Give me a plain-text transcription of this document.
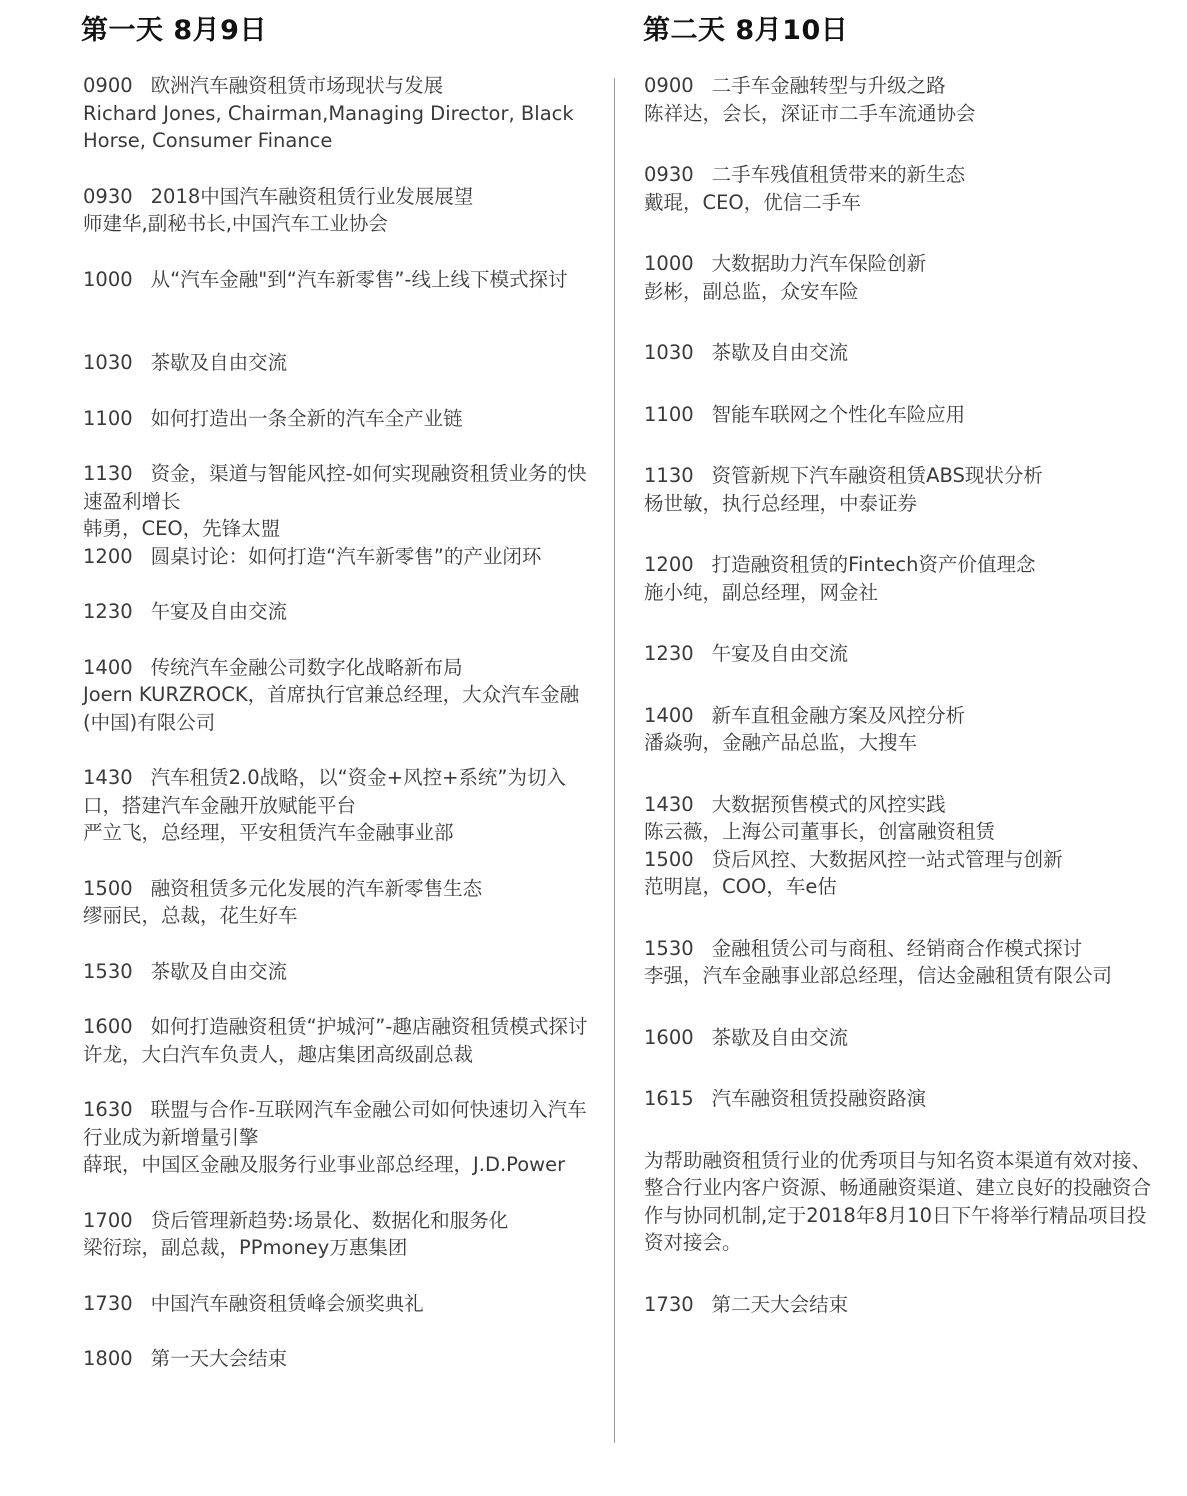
第一天 8月9日	第二天 8月10日
0900 欧洲汽车融资租赁市场现状与发展
Richard Jones, Chairman,Managing Director, Black Horse, Consumer Finance
0930 2018中国汽车融资租赁行业发展展望
师建华,副秘书长,中国汽车工业协会
1000 从“汽车金融"到“汽车新零售”-线上线下模式探讨
1030 茶歇及自由交流
1100 如何打造出一条全新的汽车全产业链
1130 资金，渠道与智能风控-如何实现融资租赁业务的快速盈利增长
韩勇，CEO，先锋太盟
1200 圆桌讨论：如何打造“汽车新零售”的产业闭环
1230 午宴及自由交流
1400 传统汽车金融公司数字化战略新布局
Joern KURZROCK，首席执行官兼总经理，大众汽车金融(中国)有限公司
1430 汽车租赁2.0战略，以“资金+风控+系统”为切入口，搭建汽车金融开放赋能平台
严立飞，总经理，平安租赁汽车金融事业部
1500 融资租赁多元化发展的汽车新零售生态
缪丽民，总裁，花生好车
1530 茶歇及自由交流
1600 如何打造融资租赁“护城河”-趣店融资租赁模式探讨
许龙，大白汽车负责人，趣店集团高级副总裁
1630 联盟与合作-互联网汽车金融公司如何快速切入汽车行业成为新增量引擎
薛珉，中国区金融及服务行业事业部总经理，J.D.Power
1700 贷后管理新趋势:场景化、数据化和服务化
梁衍琮，副总裁，PPmoney万惠集团
1730 中国汽车融资租赁峰会颁奖典礼
1800 第一天大会结束
0900 二手车金融转型与升级之路
陈祥达，会长，深证市二手车流通协会
0930 二手车残值租赁带来的新生态
戴琨，CEO，优信二手车
1000 大数据助力汽车保险创新
彭彬，副总监，众安车险
1030 茶歇及自由交流
1100 智能车联网之个性化车险应用
1130 资管新规下汽车融资租赁ABS现状分析
杨世敏，执行总经理，中泰证券
1200 打造融资租赁的Fintech资产价值理念
施小纯，副总经理，网金社
1230 午宴及自由交流
1400 新车直租金融方案及风控分析
潘焱驹，金融产品总监，大搜车
1430 大数据预售模式的风控实践
陈云薇，上海公司董事长，创富融资租赁
1500 贷后风控、大数据风控一站式管理与创新
范明崑，COO，车e估
1530 金融租赁公司与商租、经销商合作模式探讨
李强，汽车金融事业部总经理，信达金融租赁有限公司
1600 茶歇及自由交流
1615 汽车融资租赁投融资路演
为帮助融资租赁行业的优秀项目与知名资本渠道有效对接、整合行业内客户资源、畅通融资渠道、建立良好的投融资合作与协同机制,定于2018年8月10日下午将举行精品项目投资对接会。
1730 第二天大会结束
